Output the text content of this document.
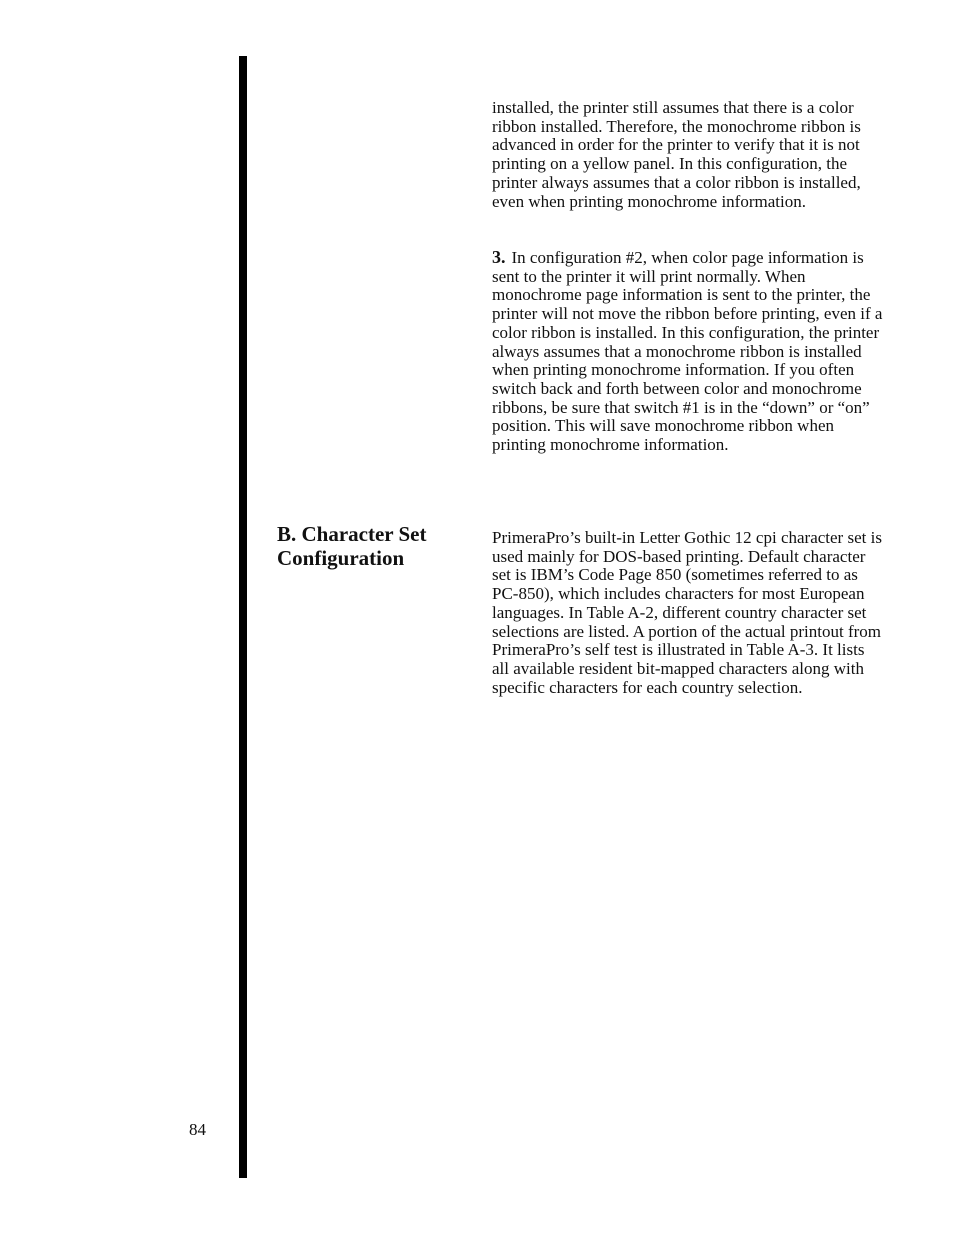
installed, the printer still assumes that there is a color ribbon installed. Therefore, the monochrome ribbon is advanced in order for the printer to verify that it is not printing on a yellow panel. In this configuration, the printer always assumes that a color ribbon is installed, even when printing monochrome information.

3. In configuration #2, when color page information is sent to the printer it will print normally. When monochrome page information is sent to the printer, the printer will not move the ribbon before printing, even if a color ribbon is installed. In this configuration, the printer always assumes that a monochrome ribbon is installed when printing monochrome information. If you often switch back and forth between color and monochrome ribbons, be sure that switch #1 is in the “down” or “on” position. This will save monochrome ribbon when printing monochrome information.

B. Character Set
Configuration

PrimeraPro’s built-in Letter Gothic 12 cpi character set is used mainly for DOS-based printing. Default character set is IBM’s Code Page 850 (sometimes referred to as PC-850), which includes characters for most European languages. In Table A-2, different country character set selections are listed. A portion of the actual printout from PrimeraPro’s self test is illustrated in Table A-3. It lists all available resident bit-mapped characters along with specific characters for each country selection.

84
